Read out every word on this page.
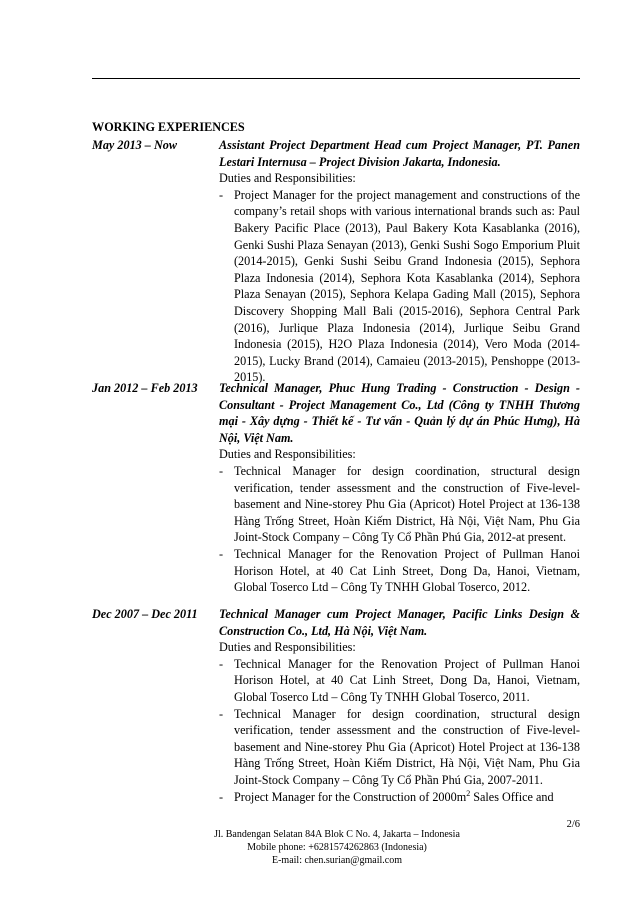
WORKING EXPERIENCES
May 2013 – Now	Assistant Project Department Head cum Project Manager, PT. Panen Lestari Internusa – Project Division Jakarta, Indonesia.
Duties and Responsibilities:
- Project Manager for the project management and constructions of the company’s retail shops with various international brands such as: Paul Bakery Pacific Place (2013), Paul Bakery Kota Kasablanka (2016), Genki Sushi Plaza Senayan (2013), Genki Sushi Sogo Emporium Pluit (2014-2015), Genki Sushi Seibu Grand Indonesia (2015), Sephora Plaza Indonesia (2014), Sephora Kota Kasablanka (2014), Sephora Plaza Senayan (2015), Sephora Kelapa Gading Mall (2015), Sephora Discovery Shopping Mall Bali (2015-2016), Sephora Central Park (2016), Jurlique Plaza Indonesia (2014), Jurlique Seibu Grand Indonesia (2015), H2O Plaza Indonesia (2014), Vero Moda (2014-2015), Lucky Brand (2014), Camaieu (2013-2015), Penshoppe (2013-2015).
Jan 2012 – Feb 2013	Technical Manager, Phuc Hung Trading - Construction - Design - Consultant - Project Management Co., Ltd (Công ty TNHH Thương mại - Xây dựng - Thiết kế - Tư vấn - Quản lý dự án Phúc Hưng), Hà Nội, Việt Nam.
Duties and Responsibilities:
- Technical Manager for design coordination, structural design verification, tender assessment and the construction of Five-level-basement and Nine-storey Phu Gia (Apricot) Hotel Project at 136-138 Hàng Trống Street, Hoàn Kiếm District, Hà Nội, Việt Nam, Phu Gia Joint-Stock Company – Công Ty Cổ Phần Phú Gia, 2012-at present.
- Technical Manager for the Renovation Project of Pullman Hanoi Horison Hotel, at 40 Cat Linh Street, Dong Da, Hanoi, Vietnam, Global Toserco Ltd – Công Ty TNHH Global Toserco, 2012.
Dec 2007 – Dec 2011	Technical Manager cum Project Manager, Pacific Links Design & Construction Co., Ltd, Hà Nội, Việt Nam.
Duties and Responsibilities:
- Technical Manager for the Renovation Project of Pullman Hanoi Horison Hotel, at 40 Cat Linh Street, Dong Da, Hanoi, Vietnam, Global Toserco Ltd – Công Ty TNHH Global Toserco, 2011.
- Technical Manager for design coordination, structural design verification, tender assessment and the construction of Five-level-basement and Nine-storey Phu Gia (Apricot) Hotel Project at 136-138 Hàng Trống Street, Hoàn Kiếm District, Hà Nội, Việt Nam, Phu Gia Joint-Stock Company – Công Ty Cổ Phần Phú Gia, 2007-2011.
- Project Manager for the Construction of $2000m^2$ Sales Office and
2/6
Jl. Bandengan Selatan 84A Blok C No. 4, Jakarta – Indonesia
Mobile phone: +6281574262863 (Indonesia)
E-mail: chen.surian@gmail.com
